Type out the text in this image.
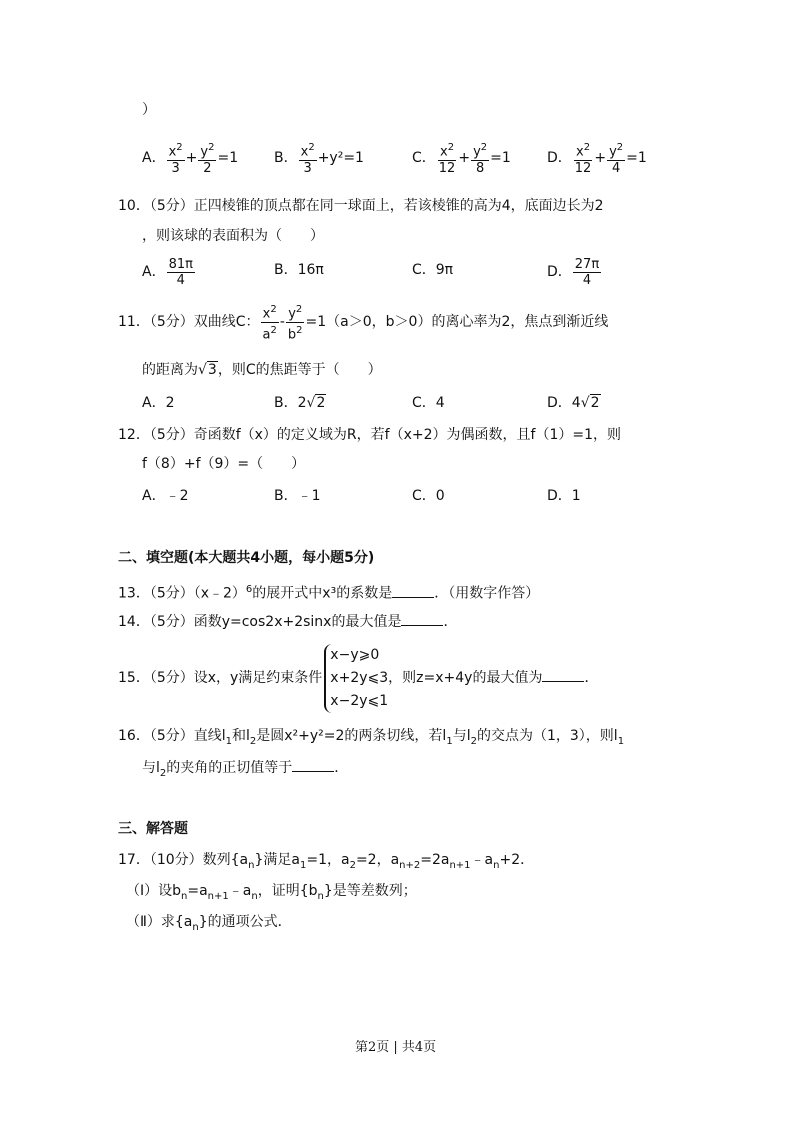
）
A． $\frac{x^2}{3} + \frac{y^2}{2} =1$	B． $\frac{x^2}{3} +y^2=1$	C． $\frac{x^2}{12} + \frac{y^2}{8} =1$	D． $\frac{x^2}{12} + \frac{y^2}{4} =1$
10．（5分）正四棱锥的顶点都在同一球面上，若该棱锥的高为4，底面边长为2
，则该球的表面积为（　　）
A． $\frac{81\pi}{4}$	B．16π	C．9π	D． $\frac{27\pi}{4}$
11．（5分）双曲线C： $\frac{x^2}{a^2} - \frac{y^2}{b^2} =1(a>0$，b＞0）的离心率为2，焦点到渐近线
的距离为√3，则C的焦距等于（　　）
A．2	B．2√2	C．4	D．4√2
12．（5分）奇函数f（x）的定义域为R，若f（x+2）为偶函数，且f（1）=1，则
f（8）+f（9）=（　　）
A．﹣2	B．﹣1	C．0	D．1
二、填空题(本大题共4小题，每小题5分)
13．（5分）（x﹣2）$^6$的展开式中x³的系数是	．（用数字作答）
14．（5分）函数y=cos2x+2sinx的最大值是	．
15．（5分）设x，y满足约束条件
x−y⩾0
x+2y⩽3
x−2y⩽1
，则z=x+4y的最大值为	．
16．（5分）直线$l_1$和$l_2$是圆x²+y²=2的两条切线，若$l_1$与$l_2$的交点为（1，3），则$l_1$
与$l_2$的夹角的正切值等于	．
三、解答题
17．（10分）数列$\{a_n\}$满足$a_1=1$，$a_2=2$，$a_{n+2}=2a_{n+1}﹣a_n+2$．
（Ⅰ）设$b_n=a_{n+1}﹣a_n$，证明$\{b_n\}$是等差数列；
（Ⅱ）求$\{a_n\}$的通项公式．
第2页 | 共4页
